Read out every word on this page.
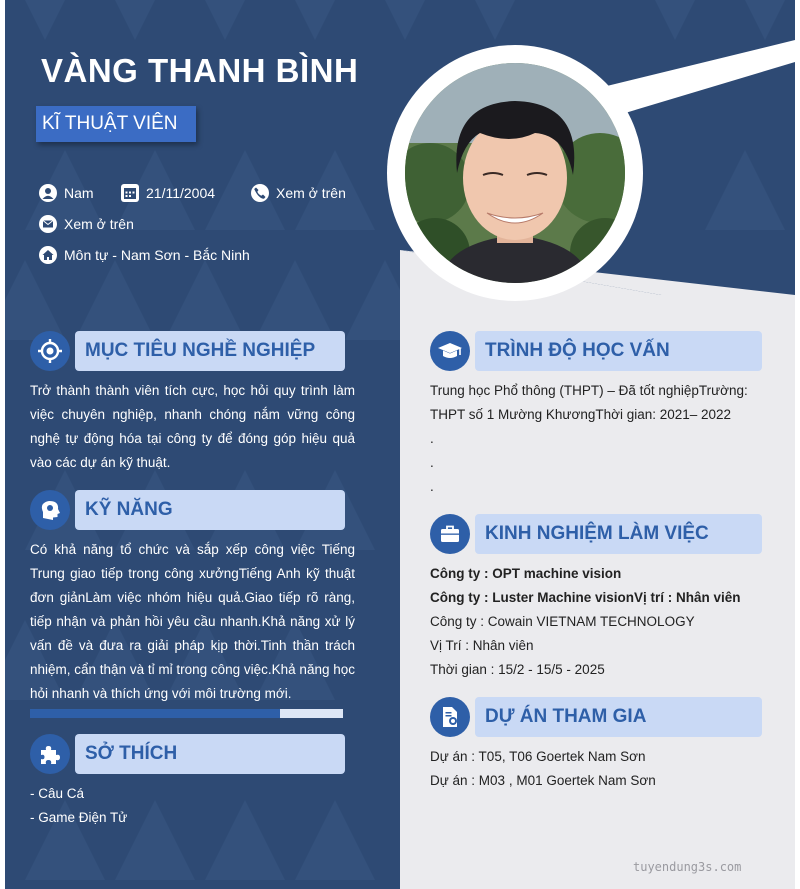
VÀNG THANH BÌNH
KĨ THUẬT VIÊN
Nam	21/11/2004	Xem ở trên
Xem ở trên
Môn tự - Nam Sơn - Bắc Ninh
MỤC TIÊU NGHỀ NGHIỆP
Trở thành thành viên tích cực, học hỏi quy trình làm việc chuyên nghiệp, nhanh chóng nắm vững công nghệ tự động hóa tại công ty để đóng góp hiệu quả vào các dự án kỹ thuật.
KỸ NĂNG
Có khả năng tổ chức và sắp xếp công việc Tiếng Trung giao tiếp trong công xưởngTiếng Anh kỹ thuật đơn giảnLàm việc nhóm hiệu quả.Giao tiếp rõ ràng, tiếp nhận và phản hồi yêu cầu nhanh.Khả năng xử lý vấn đề và đưa ra giải pháp kịp thời.Tinh thần trách nhiệm, cẩn thận và tỉ mỉ trong công việc.Khả năng học hỏi nhanh và thích ứng với môi trường mới.
SỞ THÍCH
- Câu Cá
- Game Điện Tử
TRÌNH ĐỘ HỌC VẤN
Trung học Phổ thông (THPT) – Đã tốt nghiệpTrường:
THPT số 1 Mường KhươngThời gian: 2021– 2022
.
.
.
KINH NGHIỆM LÀM VIỆC
Công ty : OPT machine vision
Công ty : Luster Machine visionVị trí : Nhân viên
Công ty : Cowain VIETNAM TECHNOLOGY
Vị Trí : Nhân viên
Thời gian : 15/2 - 15/5 - 2025
DỰ ÁN THAM GIA
Dự án : T05, T06 Goertek Nam Sơn
Dự án : M03 , M01 Goertek Nam Sơn
tuyendung3s.com
